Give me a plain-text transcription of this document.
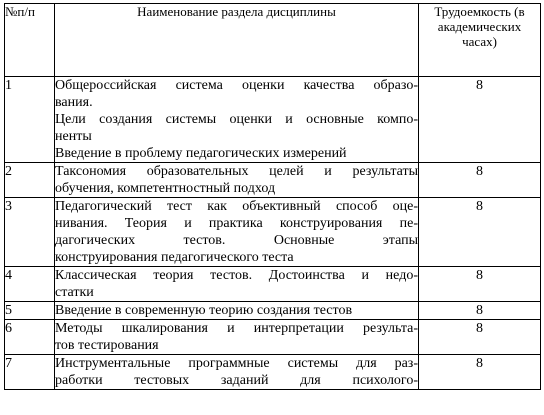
№п/п	Наименование раздела дисциплины	Трудоемкость (в академических часах)
1	Общероссийская система оценки качества образо-
вания.
Цели создания системы оценки и основные компо-
ненты
Введение в проблему педагогических измерений	8
2	Таксономия образовательных целей и результаты
обучения, компетентностный подход	8
3	Педагогический тест как объективный способ оце-
нивания. Теория и практика конструирования пе-
дагогических тестов. Основные этапы
конструирования педагогического теста	8
4	Классическая теория тестов. Достоинства и недо-
статки	8
5	Введение в современную теорию создания тестов	8
6	Методы шкалирования и интерпретации результа-
тов тестирования	8
7	Инструментальные программные системы для раз-
работки тестовых заданий для психолого-	8
